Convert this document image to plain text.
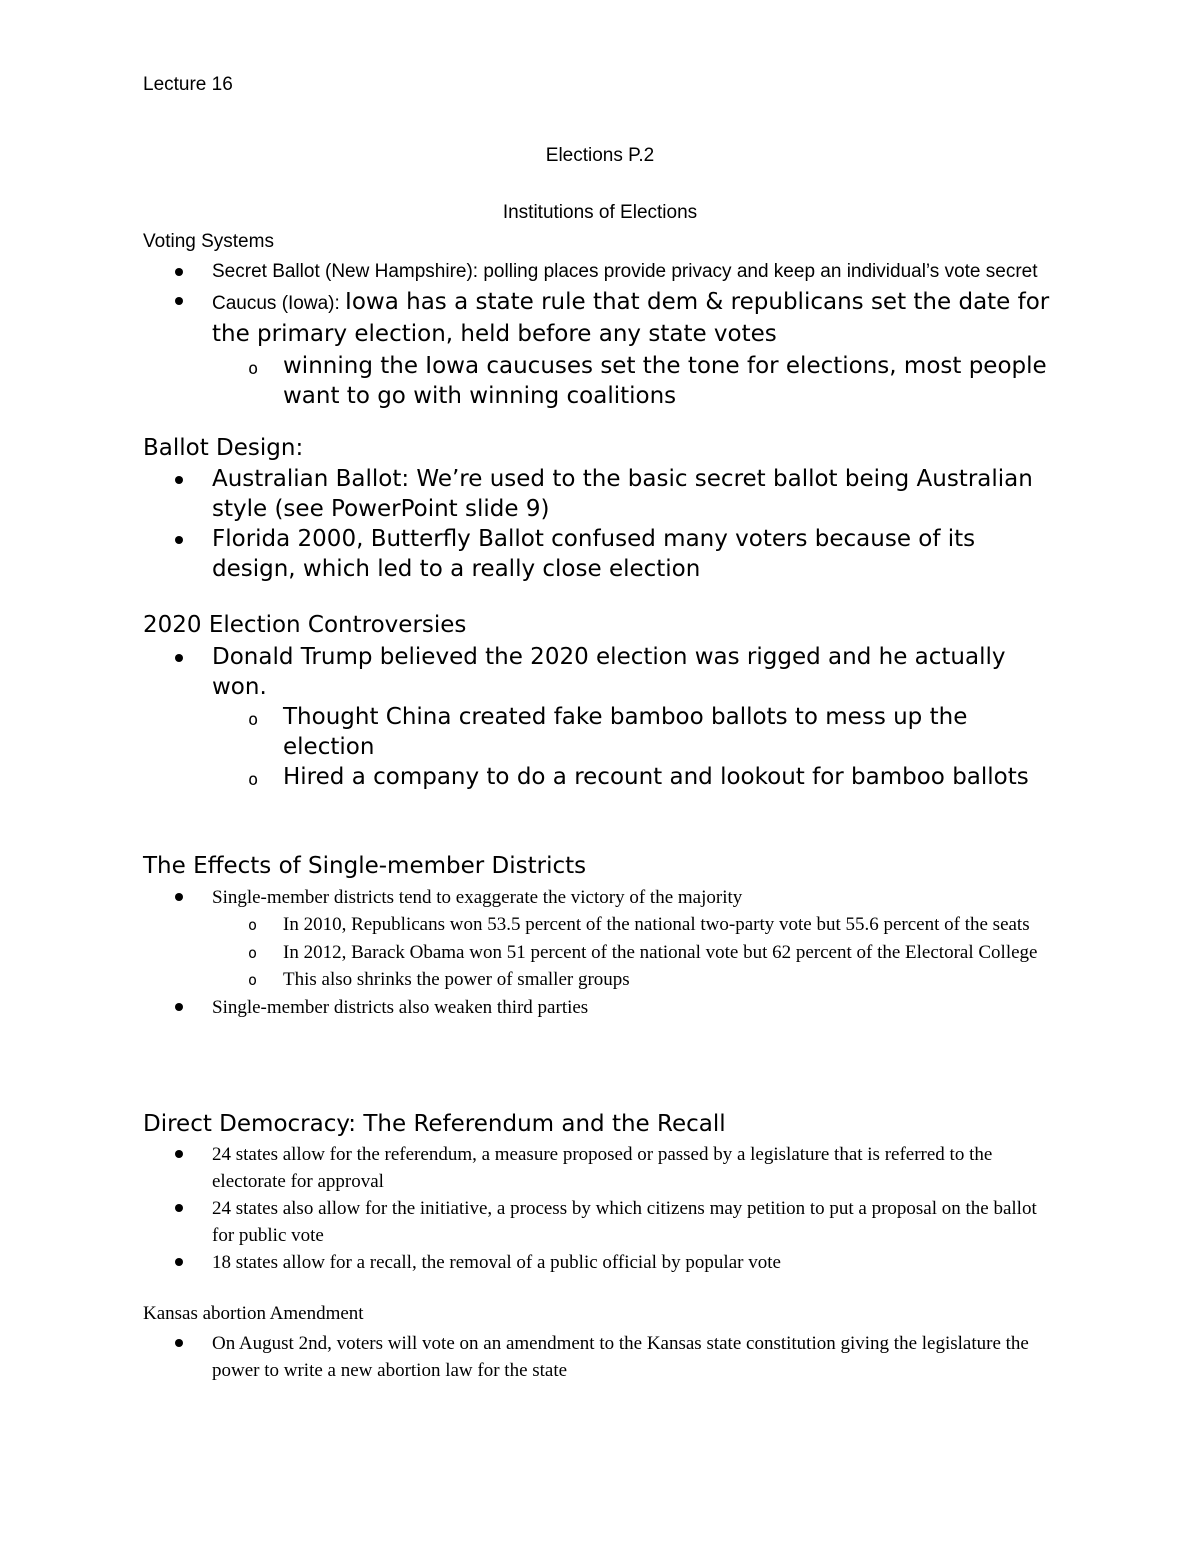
Lecture 16
Elections P.2
Institutions of Elections
Voting Systems
Secret Ballot (New Hampshire): polling places provide privacy and keep an individual’s vote secret
Caucus (Iowa): Iowa has a state rule that dem & republicans set the date for the primary election, held before any state votes
o winning the Iowa caucuses set the tone for elections, most people want to go with winning coalitions
Ballot Design:
Australian Ballot: We’re used to the basic secret ballot being Australian style (see PowerPoint slide 9)
Florida 2000, Butterfly Ballot confused many voters because of its design, which led to a really close election
2020 Election Controversies
Donald Trump believed the 2020 election was rigged and he actually won.
o Thought China created fake bamboo ballots to mess up the election
o Hired a company to do a recount and lookout for bamboo ballots
The Effects of Single-member Districts
Single-member districts tend to exaggerate the victory of the majority
o In 2010, Republicans won 53.5 percent of the national two-party vote but 55.6 percent of the seats
o In 2012, Barack Obama won 51 percent of the national vote but 62 percent of the Electoral College
o This also shrinks the power of smaller groups
Single-member districts also weaken third parties
Direct Democracy: The Referendum and the Recall
24 states allow for the referendum, a measure proposed or passed by a legislature that is referred to the electorate for approval
24 states also allow for the initiative, a process by which citizens may petition to put a proposal on the ballot for public vote
18 states allow for a recall, the removal of a public official by popular vote
Kansas abortion Amendment
On August 2nd, voters will vote on an amendment to the Kansas state constitution giving the legislature the power to write a new abortion law for the state
